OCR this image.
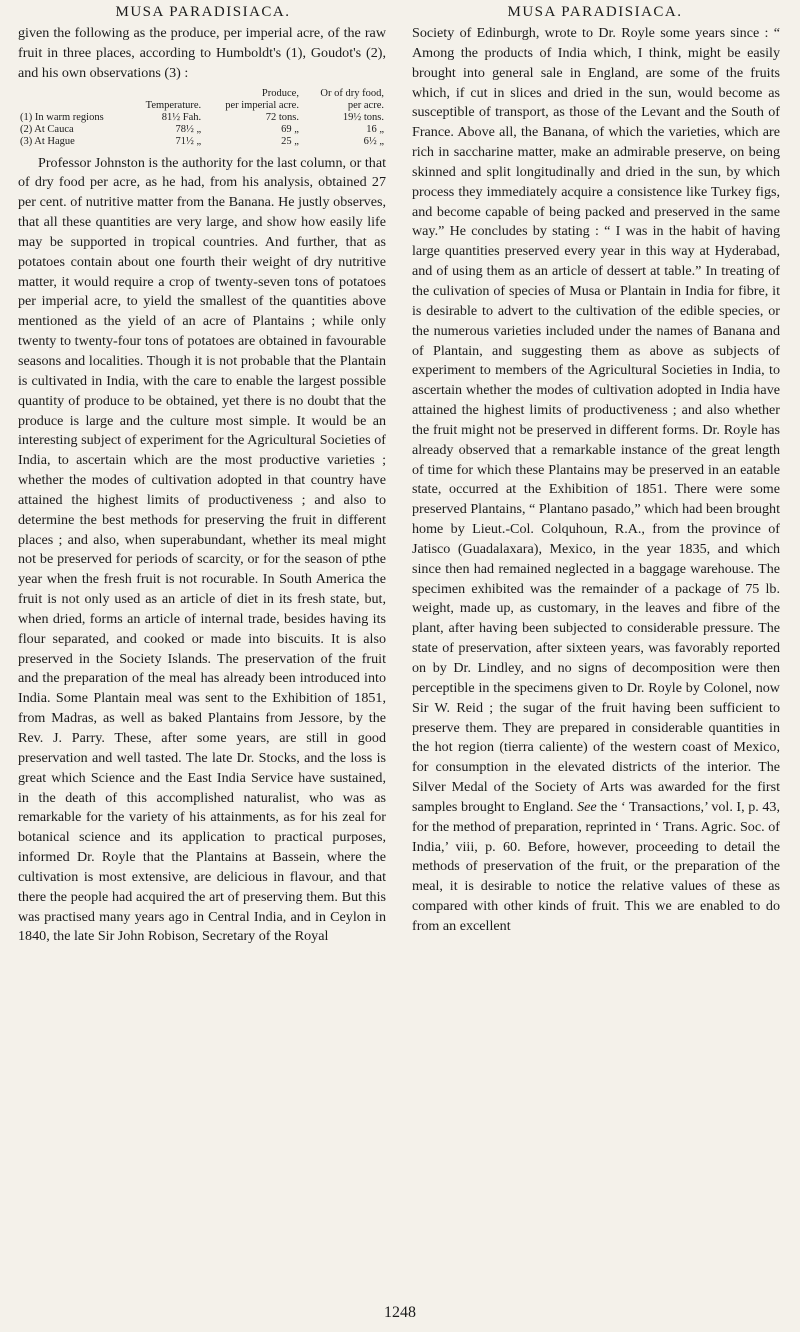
MUSA PARADISIACA.	MUSA PARADISIACA.

given the following as the produce, per imperial acre, of the raw fruit in three places, according to Humboldt's (1), Goudot's (2), and his own observations (3) :

		Produce,	Or of dry food,
	Temperature.	per imperial acre.	per acre.
(1) In warm regions	81½ Fah.	72 tons.	19½ tons.
(2) At Cauca	78½ „	69 „	16 „
(3) At Hague	71½ „	25 „	6½ „

Professor Johnston is the authority for the last column, or that of dry food per acre, as he had, from his analysis, obtained 27 per cent. of nutritive matter from the Banana. He justly observes, that all these quantities are very large, and show how easily life may be supported in tropical countries. And further, that as potatoes contain about one fourth their weight of dry nutritive matter, it would require a crop of twenty-seven tons of potatoes per imperial acre, to yield the smallest of the quantities above mentioned as the yield of an acre of Plantains ; while only twenty to twenty-four tons of potatoes are obtained in favourable seasons and localities. Though it is not probable that the Plantain is cultivated in India, with the care to enable the largest possible quantity of produce to be obtained, yet there is no doubt that the produce is large and the culture most simple. It would be an interesting subject of experiment for the Agricultural Societies of India, to ascertain which are the most productive varieties ; whether the modes of cultivation adopted in that country have attained the highest limits of productiveness ; and also to determine the best methods for preserving the fruit in different places ; and also, when superabundant, whether its meal might not be preserved for periods of scarcity, or for the season of pthe year when the fresh fruit is not rocurable. In South America the fruit is not only used as an article of diet in its fresh state, but, when dried, forms an article of internal trade, besides having its flour separated, and cooked or made into biscuits. It is also preserved in the Society Islands. The preservation of the fruit and the preparation of the meal has already been introduced into India. Some Plantain meal was sent to the Exhibition of 1851, from Madras, as well as baked Plantains from Jessore, by the Rev. J. Parry. These, after some years, are still in good preservation and well tasted. The late Dr. Stocks, and the loss is great which Science and the East India Service have sustained, in the death of this accomplished naturalist, who was as remarkable for the variety of his attainments, as for his zeal for botanical science and its application to practical purposes, informed Dr. Royle that the Plantains at Bassein, where the cultivation is most extensive, are delicious in flavour, and that there the people had acquired the art of preserving them. But this was practised many years ago in Central India, and in Ceylon in 1840, the late Sir John Robison, Secretary of the Royal

Society of Edinburgh, wrote to Dr. Royle some years since : “ Among the products of India which, I think, might be easily brought into general sale in England, are some of the fruits which, if cut in slices and dried in the sun, would become as susceptible of transport, as those of the Levant and the South of France. Above all, the Banana, of which the varieties, which are rich in saccharine matter, make an admirable preserve, on being skinned and split longitudinally and dried in the sun, by which process they immediately acquire a consistence like Turkey figs, and become capable of being packed and preserved in the same way.” He concludes by stating : “ I was in the habit of having large quantities preserved every year in this way at Hyderabad, and of using them as an article of dessert at table.” In treating of the culivation of species of Musa or Plantain in India for fibre, it is desirable to advert to the cultivation of the edible species, or the numerous varieties included under the names of Banana and of Plantain, and suggesting them as above as subjects of experiment to members of the Agricultural Societies in India, to ascertain whether the modes of cultivation adopted in India have attained the highest limits of productiveness ; and also whether the fruit might not be preserved in different forms. Dr. Royle has already observed that a remarkable instance of the great length of time for which these Plantains may be preserved in an eatable state, occurred at the Exhibition of 1851. There were some preserved Plantains, “ Plantano pasado,” which had been brought home by Lieut.-Col. Colquhoun, R.A., from the province of Jatisco (Guadalaxara), Mexico, in the year 1835, and which since then had remained neglected in a baggage warehouse. The specimen exhibited was the remainder of a package of 75 lb. weight, made up, as customary, in the leaves and fibre of the plant, after having been subjected to considerable pressure. The state of preservation, after sixteen years, was favorably reported on by Dr. Lindley, and no signs of decomposition were then perceptible in the specimens given to Dr. Royle by Colonel, now Sir W. Reid ; the sugar of the fruit having been sufficient to preserve them. They are prepared in considerable quantities in the hot region (tierra caliente) of the western coast of Mexico, for consumption in the elevated districts of the interior. The Silver Medal of the Society of Arts was awarded for the first samples brought to England. See the ‘ Transactions,’ vol. I, p. 43, for the method of preparation, reprinted in ‘ Trans. Agric. Soc. of India,’ viii, p. 60. Before, however, proceeding to detail the methods of preservation of the fruit, or the preparation of the meal, it is desirable to notice the relative values of these as compared with other kinds of fruit. This we are enabled to do from an excellent

1248
